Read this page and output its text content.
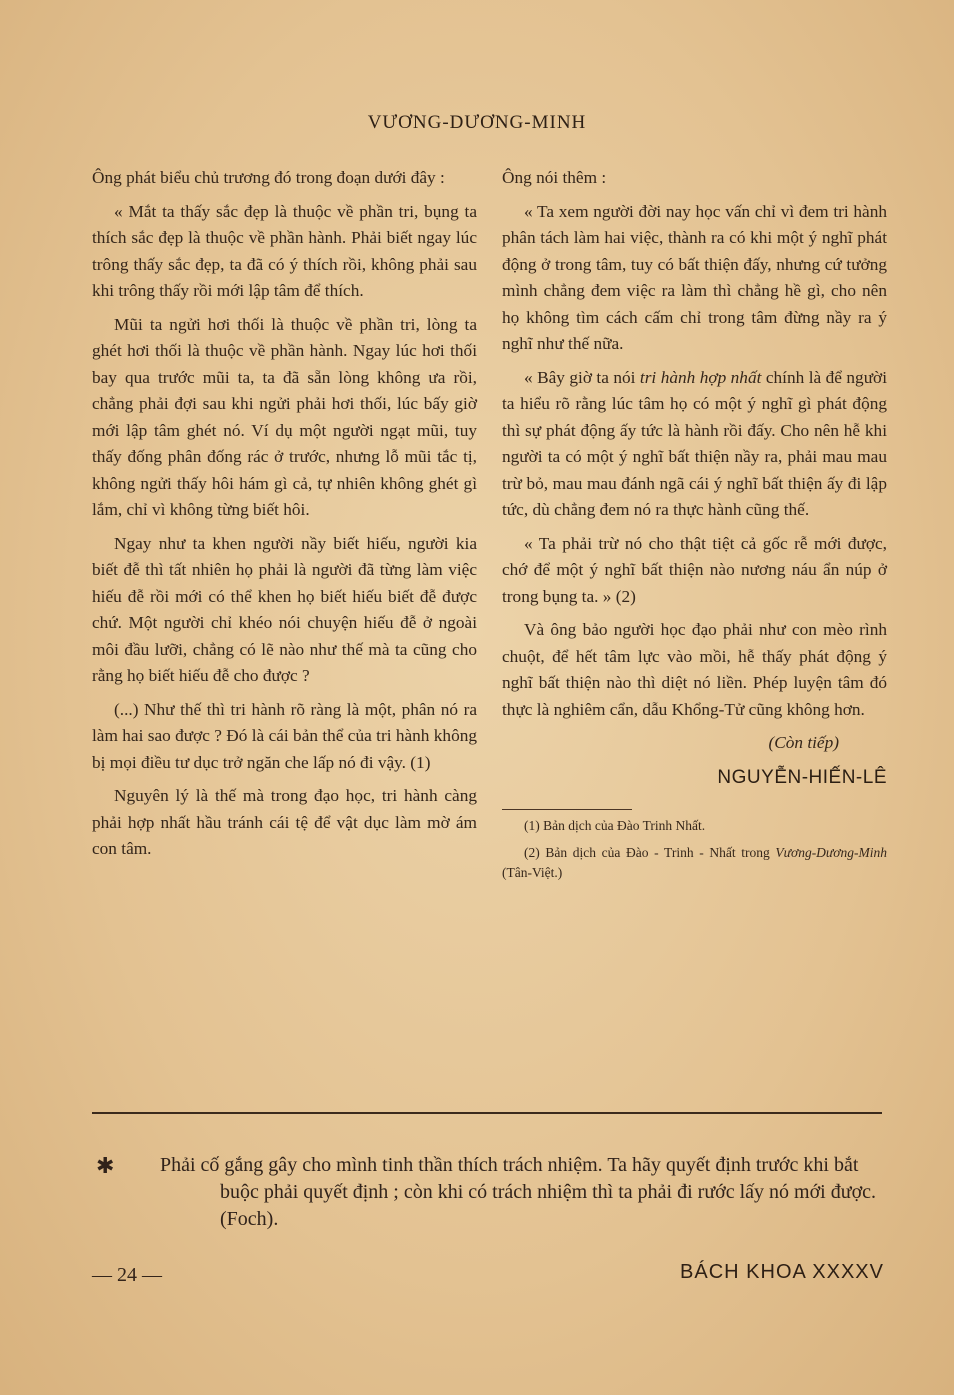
VƯƠNG-DƯƠNG-MINH

Ông phát biểu chủ trương đó trong đoạn dưới đây :

« Mắt ta thấy sắc đẹp là thuộc về phần tri, bụng ta thích sắc đẹp là thuộc về phần hành. Phải biết ngay lúc trông thấy sắc đẹp, ta đã có ý thích rồi, không phải sau khi trông thấy rồi mới lập tâm để thích.

Mũi ta ngửi hơi thối là thuộc về phần tri, lòng ta ghét hơi thối là thuộc về phần hành. Ngay lúc hơi thối bay qua trước mũi ta, ta đã sẵn lòng không ưa rồi, chẳng phải đợi sau khi ngửi phải hơi thối, lúc bấy giờ mới lập tâm ghét nó. Ví dụ một người ngạt mũi, tuy thấy đống phân đống rác ở trước, nhưng lỗ mũi tắc tị, không ngửi thấy hôi hám gì cả, tự nhiên không ghét gì lắm, chỉ vì không từng biết hôi.

Ngay như ta khen người nầy biết hiếu, người kia biết đễ thì tất nhiên họ phải là người đã từng làm việc hiếu đễ rồi mới có thể khen họ biết hiếu biết đễ được chứ. Một người chỉ khéo nói chuyện hiếu đễ ở ngoài môi đầu lưỡi, chẳng có lẽ nào như thế mà ta cũng cho rằng họ biết hiếu đễ cho được ?

(...) Như thế thì tri hành rõ ràng là một, phân nó ra làm hai sao được ? Đó là cái bản thể của tri hành không bị mọi điều tư dục trở ngăn che lấp nó đi vậy. (1)

Nguyên lý là thế mà trong đạo học, tri hành càng phải hợp nhất hầu tránh cái tệ để vật dục làm mờ ám con tâm.

Ông nói thêm :

« Ta xem người đời nay học vấn chỉ vì đem tri hành phân tách làm hai việc, thành ra có khi một ý nghĩ phát động ở trong tâm, tuy có bất thiện đấy, nhưng cứ tưởng mình chẳng đem việc ra làm thì chẳng hề gì, cho nên họ không tìm cách cấm chỉ trong tâm đừng nầy ra ý nghĩ như thế nữa.

« Bây giờ ta nói tri hành hợp nhất chính là để người ta hiểu rõ rằng lúc tâm họ có một ý nghĩ gì phát động thì sự phát động ấy tức là hành rồi đấy. Cho nên hễ khi người ta có một ý nghĩ bất thiện nầy ra, phải mau mau trừ bỏ, mau mau đánh ngã cái ý nghĩ bất thiện ấy đi lập tức, dù chẳng đem nó ra thực hành cũng thế.

« Ta phải trừ nó cho thật tiệt cả gốc rễ mới được, chớ để một ý nghĩ bất thiện nào nương náu ẩn núp ở trong bụng ta. » (2)

Và ông bảo người học đạo phải như con mèo rình chuột, để hết tâm lực vào mồi, hễ thấy phát động ý nghĩ bất thiện nào thì diệt nó liền. Phép luyện tâm đó thực là nghiêm cẩn, dẫu Khổng-Tử cũng không hơn.

(Còn tiếp)
NGUYỄN-HIẾN-LÊ

(1) Bản dịch của Đào Trinh Nhất.

(2) Bản dịch của Đào - Trinh - Nhất trong Vương-Dương-Minh (Tân-Việt.)

✱ Phải cố gắng gây cho mình tinh thần thích trách nhiệm. Ta hãy quyết định trước khi bắt buộc phải quyết định ; còn khi có trách nhiệm thì ta phải đi rước lấy nó mới được. (Foch).
— 24 —	BÁCH KHOA XXXXV
